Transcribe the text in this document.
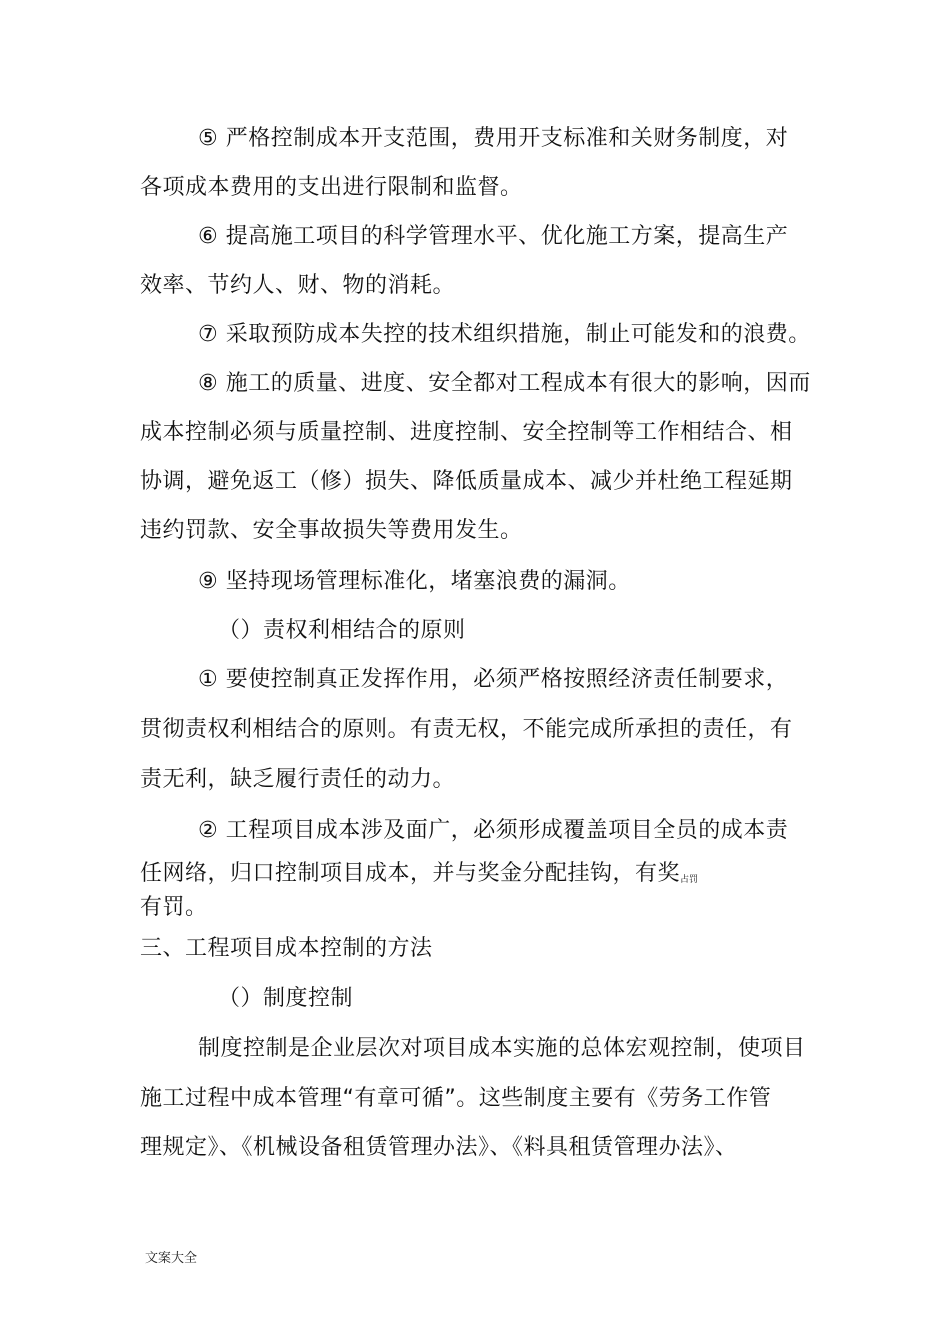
⑤ 严格控制成本开支范围，费用开支标准和关财务制度，对
各项成本费用的支出进行限制和监督。
⑥ 提高施工项目的科学管理水平、优化施工方案，提高生产
效率、节约人、财、物的消耗。
⑦ 采取预防成本失控的技术组织措施，制止可能发和的浪费。
⑧ 施工的质量、进度、安全都对工程成本有很大的影响，因而
成本控制必须与质量控制、进度控制、安全控制等工作相结合、相
协调，避免返工（修）损失、降低质量成本、减少并杜绝工程延期
违约罚款、安全事故损失等费用发生。
⑨ 坚持现场管理标准化，堵塞浪费的漏洞。
（）责权利相结合的原则
① 要使控制真正发挥作用，必须严格按照经济责任制要求，
贯彻责权利相结合的原则。有责无权，不能完成所承担的责任，有
责无利，缺乏履行责任的动力。
② 工程项目成本涉及面广，必须形成覆盖项目全员的成本责
任网络，归口控制项目成本，并与奖金分配挂钩，有奖占罚
有罚。
三、工程项目成本控制的方法
（）制度控制
制度控制是企业层次对项目成本实施的总体宏观控制，使项目
施工过程中成本管理“有章可循”。这些制度主要有《劳务工作管
理规定》、《机械设备租赁管理办法》、《料具租赁管理办法》、
文案大全
